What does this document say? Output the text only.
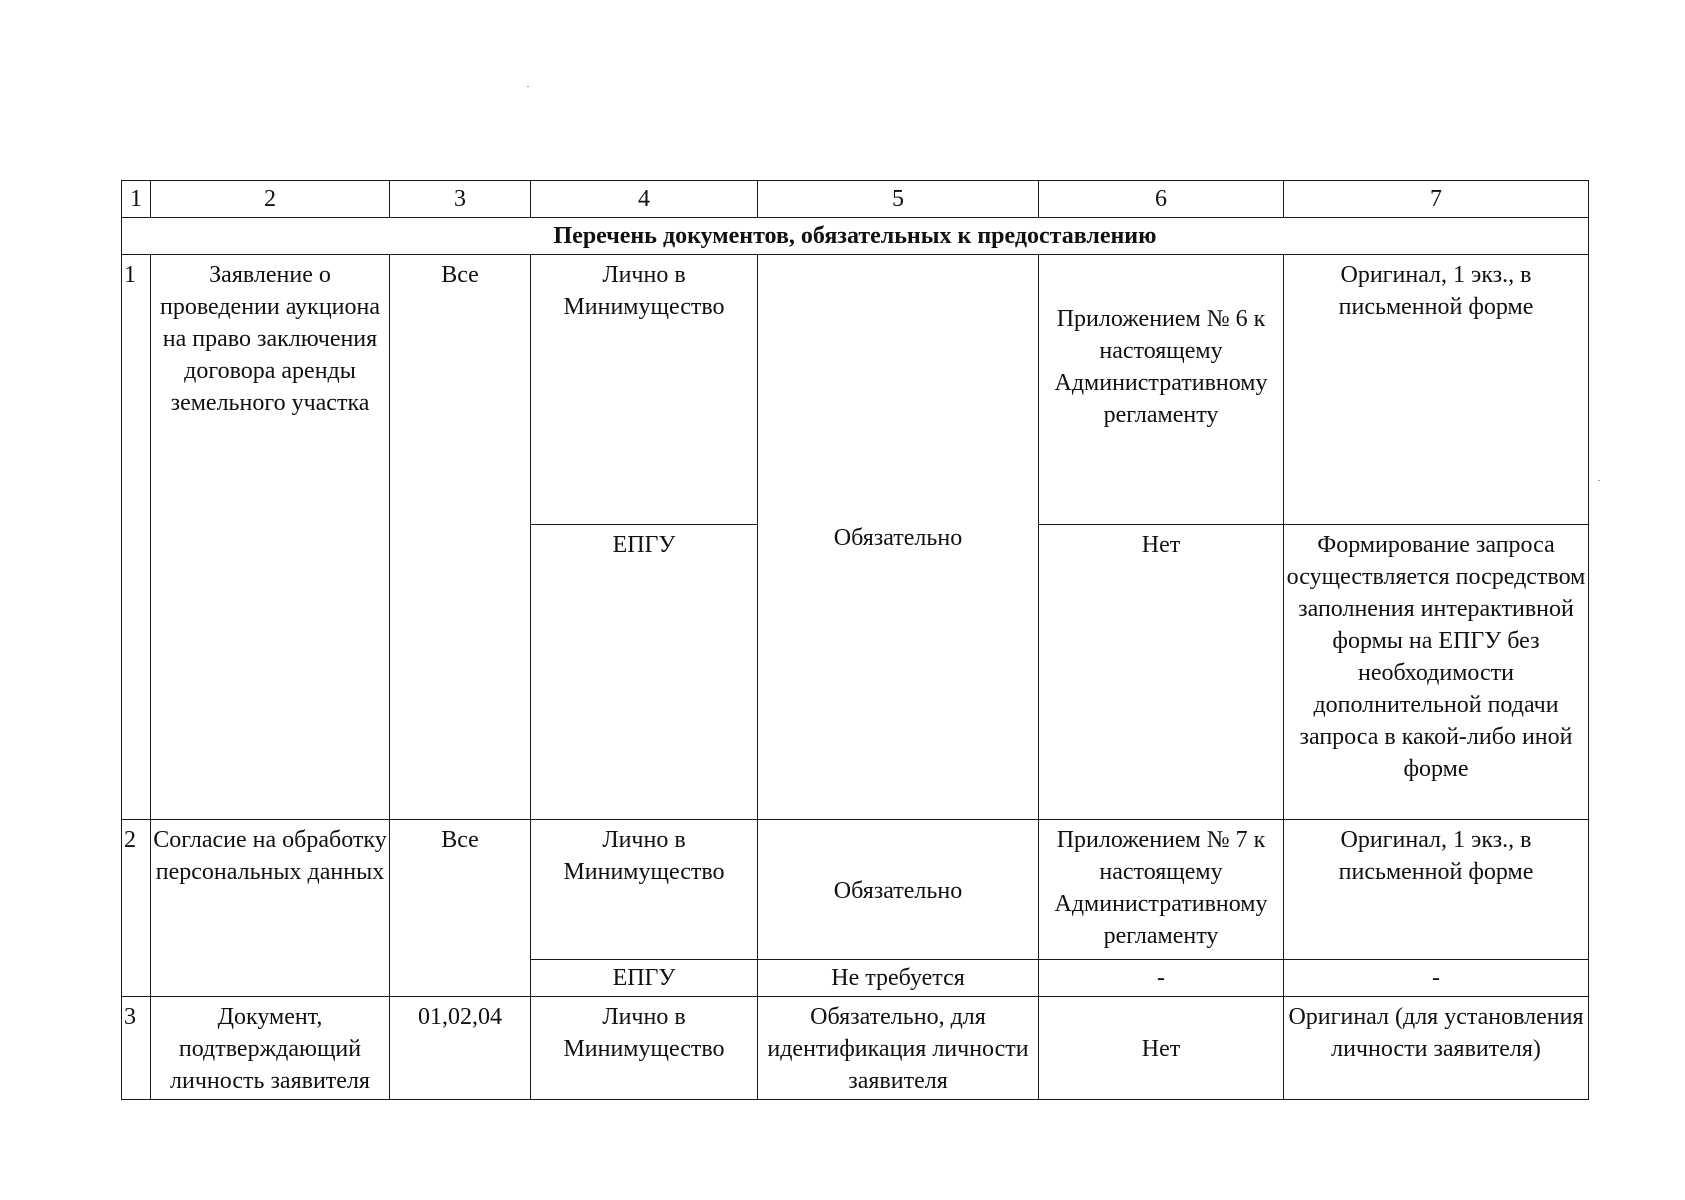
1	2	3	4	5	6	7
Перечень документов, обязательных к предоставлению						
1	Заявление о проведении аукциона на право заключения договора аренды земельного участка	Все	Лично в Минимущество	Обязательно	Приложением № 6 к настоящему Административному регламенту	Оригинал, 1 экз., в письменной форме
			ЕПГУ		Нет	Формирование запроса осуществляется посредством заполнения интерактивной формы на ЕПГУ без необходимости дополнительной подачи запроса в какой-либо иной форме
2	Согласие на обработку персональных данных	Все	Лично в Минимущество	Обязательно	Приложением № 7 к настоящему Административному регламенту	Оригинал, 1 экз., в письменной форме
			ЕПГУ	Не требуется	-	-
3	Документ, подтверждающий личность заявителя	01,02,04	Лично в Минимущество	Обязательно, для идентификация личности заявителя	Нет	Оригинал (для установления личности заявителя)
